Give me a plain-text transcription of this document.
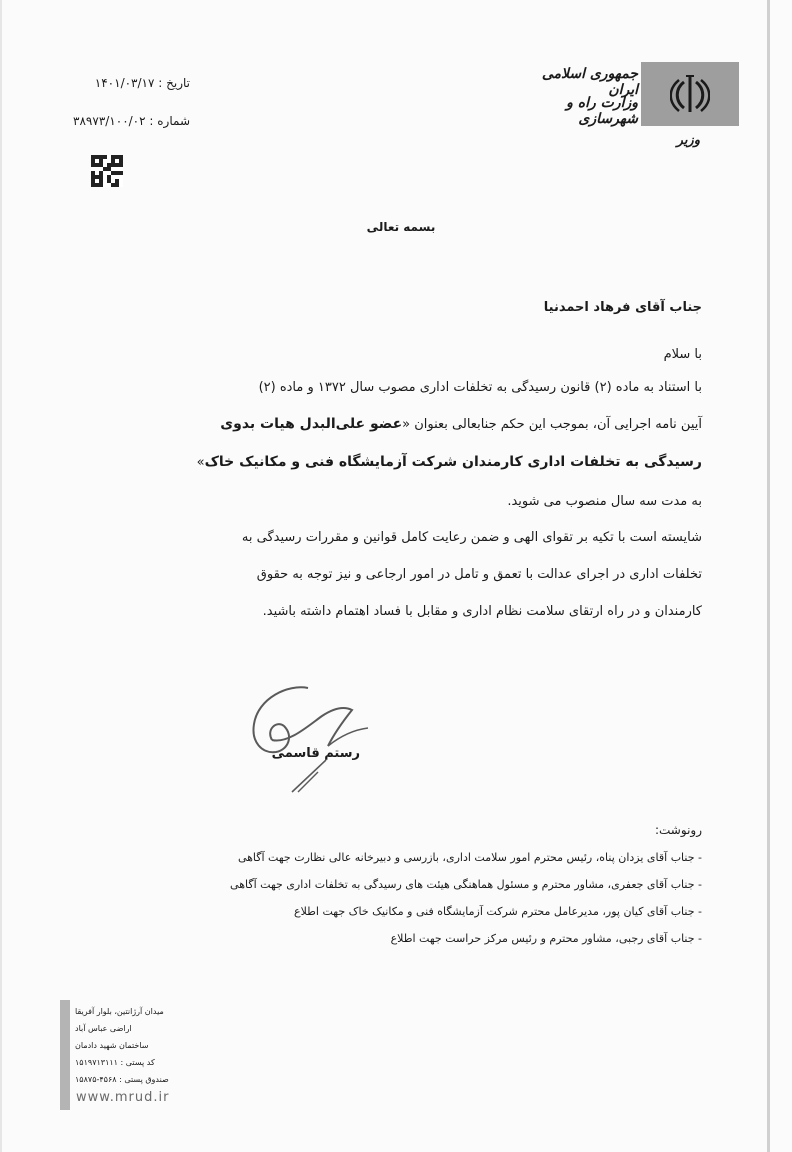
جمهوری اسلامی ایران
وزارت راه و شهرسازی
وزیر
تاریخ : ۱۴۰۱/۰۳/۱۷
شماره : ۳۸۹۷۳/۱۰۰/۰۲
بسمه تعالی
جناب آقای فرهاد احمدنیا
با سلام
با استناد به ماده (۲) قانون رسیدگی به تخلفات اداری مصوب سال ۱۳۷۲ و ماده (۲)
آیین نامه اجرایی آن، بموجب این حکم جنابعالی بعنوان «عضو علی‌البدل هیات بدوی
رسیدگی به تخلفات اداری کارمندان شرکت آزمایشگاه فنی و مکانیک خاک»
به مدت سه سال منصوب می شوید.
شایسته است با تکیه بر تقوای الهی و ضمن رعایت کامل قوانین و مقررات رسیدگی به
تخلفات اداری در اجرای عدالت با تعمق و تامل در امور ارجاعی و نیز توجه به حقوق
کارمندان و در راه ارتقای سلامت نظام اداری و مقابل با فساد اهتمام داشته باشید.
رستم قاسمی
رونوشت:
- جناب آقای یزدان پناه، رئیس محترم امور سلامت اداری، بازرسی و دبیرخانه عالی نظارت جهت آگاهی
- جناب آقای جعفری، مشاور محترم و مسئول هماهنگی هیئت های رسیدگی به تخلفات اداری جهت آگاهی
- جناب آقای کیان پور، مدیرعامل محترم شرکت آزمایشگاه فنی و مکانیک خاک جهت اطلاع
- جناب آقای رجبی، مشاور محترم و رئیس مرکز حراست جهت اطلاع
میدان آرژانتین، بلوار آفریقا
اراضی عباس آباد
ساختمان شهید دادمان
کد پستی : ۱۵۱۹۷۱۳۱۱۱
صندوق پستی : ۴۵۶۸-۱۵۸۷۵
www.mrud.ir
